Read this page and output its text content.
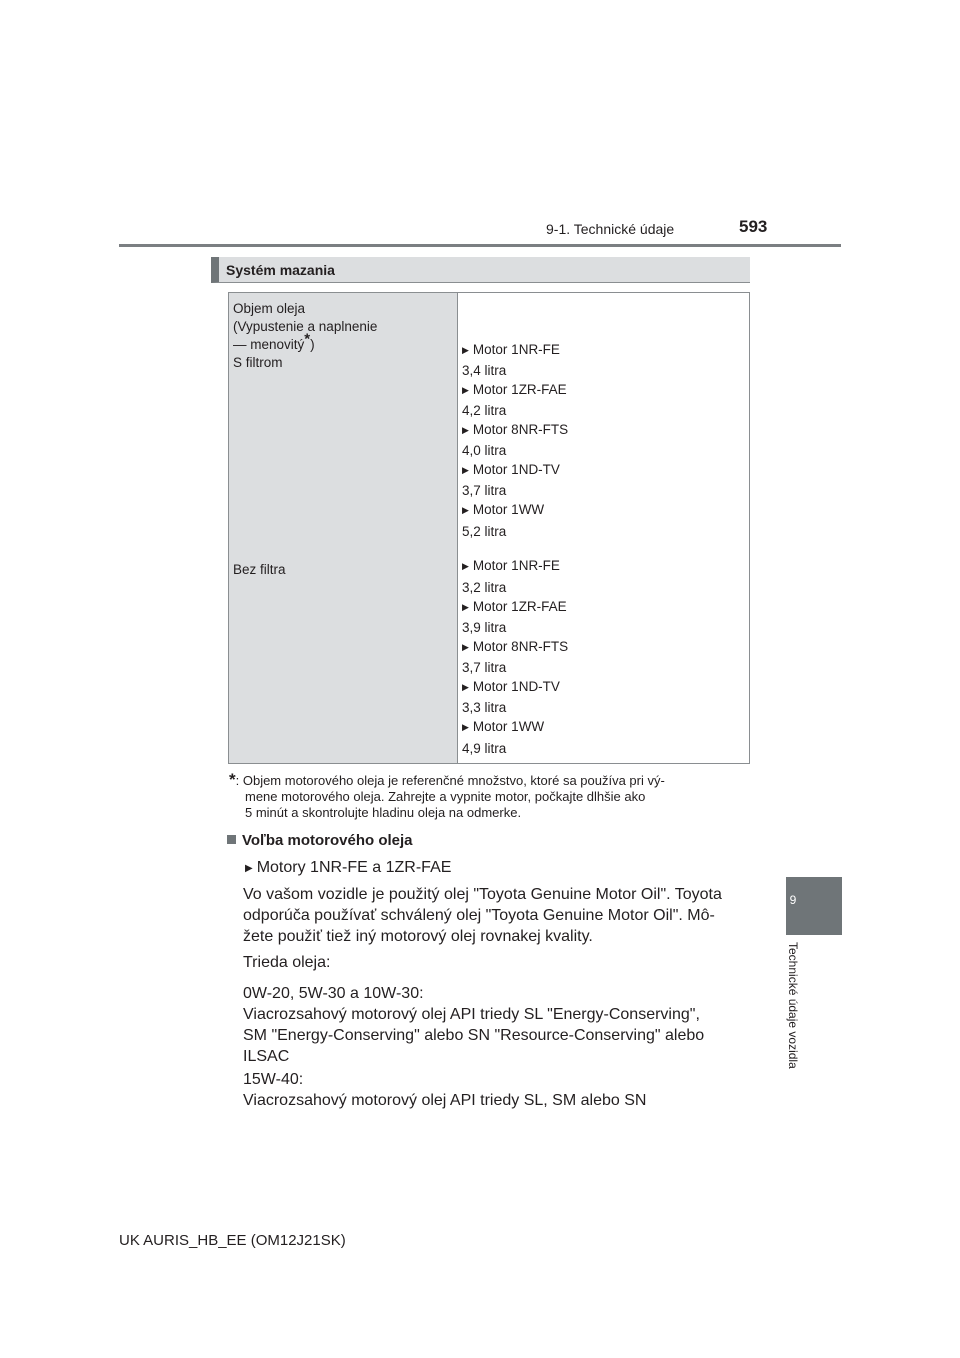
9-1. Technické údaje	593
9
Technické údaje vozidla
Systém mazania
Objem oleja
(Vypustenie a naplnenie
— menovitý*)
S filtrom
Bez filtra
▶ Motor 1NR-FE
3,4 litra
▶ Motor 1ZR-FAE
4,2 litra
▶ Motor 8NR-FTS
4,0 litra
▶ Motor 1ND-TV
3,7 litra
▶ Motor 1WW
5,2 litra
▶ Motor 1NR-FE
3,2 litra
▶ Motor 1ZR-FAE
3,9 litra
▶ Motor 8NR-FTS
3,7 litra
▶ Motor 1ND-TV
3,3 litra
▶ Motor 1WW
4,9 litra
*: Objem motorového oleja je referenčné množstvo, ktoré sa používa pri vý-
mene motorového oleja. Zahrejte a vypnite motor, počkajte dlhšie ako
5 minút a skontrolujte hladinu oleja na odmerke.
Voľba motorového oleja
▶ Motory 1NR-FE a 1ZR-FAE
Vo vašom vozidle je použitý olej "Toyota Genuine Motor Oil". Toyota
odporúča používať schválený olej "Toyota Genuine Motor Oil". Mô-
žete použiť tiež iný motorový olej rovnakej kvality.
Trieda oleja:
0W-20, 5W-30 a 10W-30:
Viacrozsahový motorový olej API triedy SL "Energy-Conserving",
SM "Energy-Conserving" alebo SN "Resource-Conserving" alebo
ILSAC
15W-40:
Viacrozsahový motorový olej API triedy SL, SM alebo SN
UK AURIS_HB_EE (OM12J21SK)
